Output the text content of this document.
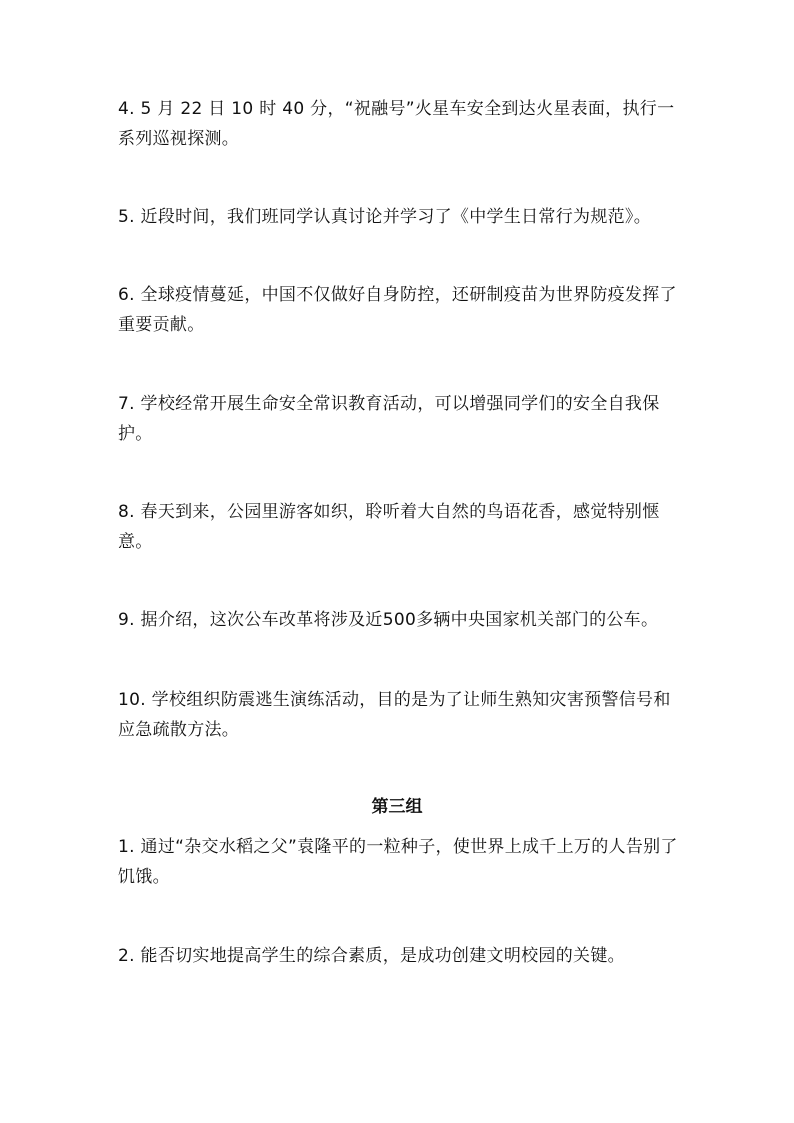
4. 5 月 22 日 10 时 40 分，“祝融号”火星车安全到达火星表面，执行一系列巡视探测。

5. 近段时间，我们班同学认真讨论并学习了《中学生日常行为规范》。

6. 全球疫情蔓延，中国不仅做好自身防控，还研制疫苗为世界防疫发挥了重要贡献。

7. 学校经常开展生命安全常识教育活动，可以增强同学们的安全自我保护。

8. 春天到来，公园里游客如织，聆听着大自然的鸟语花香，感觉特别惬意。

9. 据介绍，这次公车改革将涉及近500多辆中央国家机关部门的公车。

10. 学校组织防震逃生演练活动，目的是为了让师生熟知灾害预警信号和应急疏散方法。

第三组

1. 通过“杂交水稻之父”袁隆平的一粒种子，使世界上成千上万的人告别了饥饿。

2. 能否切实地提高学生的综合素质，是成功创建文明校园的关键。
